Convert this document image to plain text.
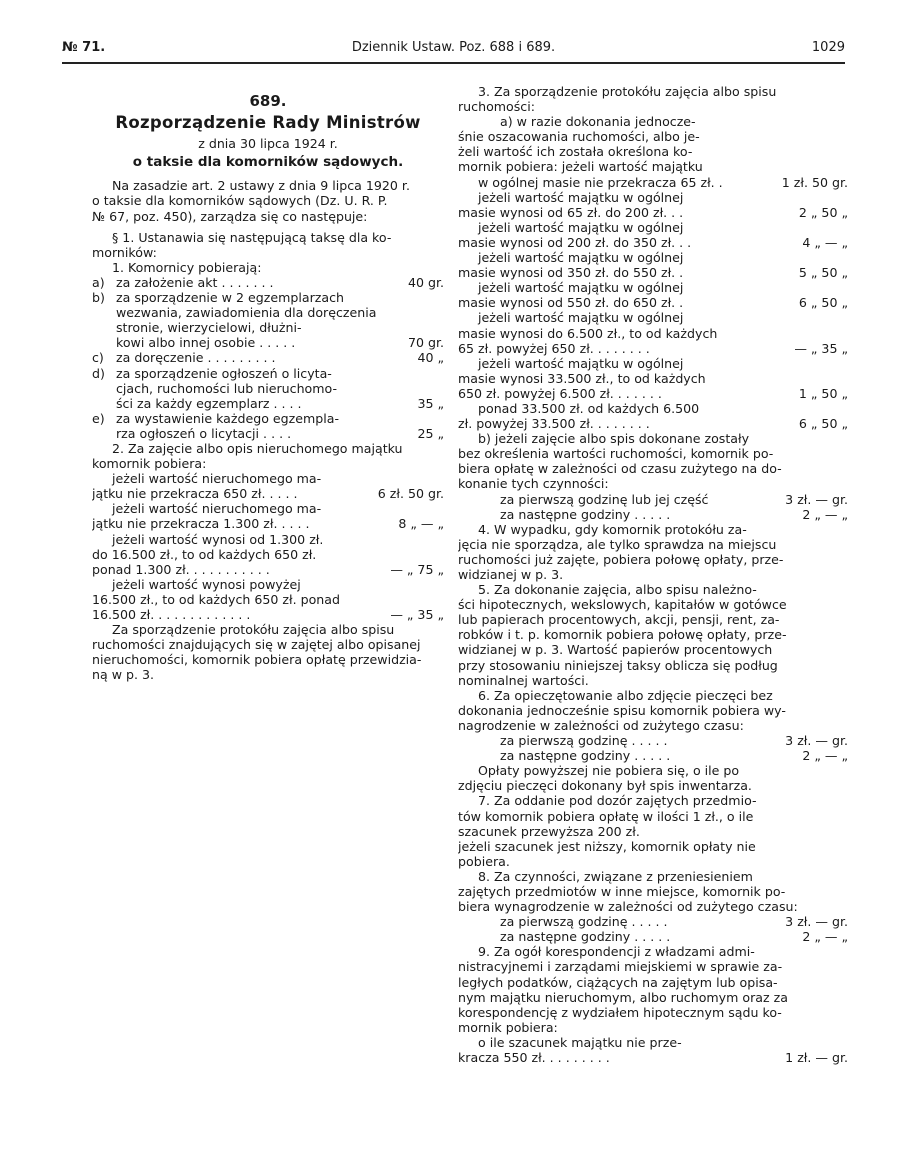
№ 71.	Dziennik Ustaw. Poz. 688 i 689.	1029
689.
Rozporządzenie Rady Ministrów
z dnia 30 lipca 1924 r.
o taksie dla komorników sądowych.
Na zasadzie art. 2 ustawy z dnia 9 lipca 1920 r.
o taksie dla komorników sądowych (Dz. U. R. P.
№ 67, poz. 450), zarządza się co następuje:
§ 1. Ustanawia się następującą taksę dla ko-
morników:
1. Komornicy pobierają:
a) za założenie akt . . . . . . .	40 gr.
b) za sporządzenie w 2 egzemplarzach
wezwania, zawiadomienia dla doręczenia
stronie, wierzycielowi, dłużni-
kowi albo innej osobie . . . . .	70 gr.
c) za doręczenie . . . . . . . . .	40 „
d) za sporządzenie ogłoszeń o licyta-
cjach, ruchomości lub nieruchomo-
ści za każdy egzemplarz . . . .	35 „
e) za wystawienie każdego egzempla-
rza ogłoszeń o licytacji . . . .	25 „
2. Za zajęcie albo opis nieruchomego majątku
komornik pobiera:
jeżeli wartość nieruchomego ma-
jątku nie przekracza 650 zł. . . . .	6 zł. 50 gr.
jeżeli wartość nieruchomego ma-
jątku nie przekracza 1.300 zł. . . . .	8 „ — „
jeżeli wartość wynosi od 1.300 zł.
do 16.500 zł., to od każdych 650 zł.
ponad 1.300 zł. . . . . . . . . . .	— „ 75 „
jeżeli wartość wynosi powyżej
16.500 zł., to od każdych 650 zł. ponad
16.500 zł. . . . . . . . . . . . .	— „ 35 „
Za sporządzenie protokółu zajęcia albo spisu
ruchomości znajdujących się w zajętej albo opisanej
nieruchomości, komornik pobiera opłatę przewidzia-
ną w p. 3.
3. Za sporządzenie protokółu zajęcia albo spisu
ruchomości:
a) w razie dokonania jednocze-
śnie oszacowania ruchomości, albo je-
żeli wartość ich została określona ko-
mornik pobiera: jeżeli wartość majątku
w ogólnej masie nie przekracza 65 zł. .	1 zł. 50 gr.
jeżeli wartość majątku w ogólnej
masie wynosi od 65 zł. do 200 zł. . .	2 „ 50 „
jeżeli wartość majątku w ogólnej
masie wynosi od 200 zł. do 350 zł. . .	4 „ — „
jeżeli wartość majątku w ogólnej
masie wynosi od 350 zł. do 550 zł. .	5 „ 50 „
jeżeli wartość majątku w ogólnej
masie wynosi od 550 zł. do 650 zł. .	6 „ 50 „
jeżeli wartość majątku w ogólnej
masie wynosi do 6.500 zł., to od każdych
65 zł. powyżej 650 zł. . . . . . . .	— „ 35 „
jeżeli wartość majątku w ogólnej
masie wynosi 33.500 zł., to od każdych
650 zł. powyżej 6.500 zł. . . . . . .	1 „ 50 „
ponad 33.500 zł. od każdych 6.500
zł. powyżej 33.500 zł. . . . . . . .	6 „ 50 „
b) jeżeli zajęcie albo spis dokonane zostały
bez określenia wartości ruchomości, komornik po-
biera opłatę w zależności od czasu zużytego na do-
konanie tych czynności:
za pierwszą godzinę lub jej część	3 zł. — gr.
za następne godziny . . . . .	2 „ — „
4. W wypadku, gdy komornik protokółu za-
jęcia nie sporządza, ale tylko sprawdza na miejscu
ruchomości już zajęte, pobiera połowę opłaty, prze-
widzianej w p. 3.
5. Za dokonanie zajęcia, albo spisu należno-
ści hipotecznych, wekslowych, kapitałów w gotówce
lub papierach procentowych, akcji, pensji, rent, za-
robków i t. p. komornik pobiera połowę opłaty, prze-
widzianej w p. 3. Wartość papierów procentowych
przy stosowaniu niniejszej taksy oblicza się podług
nominalnej wartości.
6. Za opieczętowanie albo zdjęcie pieczęci bez
dokonania jednocześnie spisu komornik pobiera wy-
nagrodzenie w zależności od zużytego czasu:
za pierwszą godzinę . . . . .	3 zł. — gr.
za następne godziny . . . . .	2 „ — „
Opłaty powyższej nie pobiera się, o ile po
zdjęciu pieczęci dokonany był spis inwentarza.
7. Za oddanie pod dozór zajętych przedmio-
tów komornik pobiera opłatę w ilości 1 zł., o ile
szacunek przewyższa 200 zł.
jeżeli szacunek jest niższy, komornik opłaty nie
pobiera.
8. Za czynności, związane z przeniesieniem
zajętych przedmiotów w inne miejsce, komornik po-
biera wynagrodzenie w zależności od zużytego czasu:
za pierwszą godzinę . . . . .	3 zł. — gr.
za następne godziny . . . . .	2 „ — „
9. Za ogół korespondencji z władzami admi-
nistracyjnemi i zarządami miejskiemi w sprawie za-
ległych podatków, ciążących na zajętym lub opisa-
nym majątku nieruchomym, albo ruchomym oraz za
korespondencję z wydziałem hipotecznym sądu ko-
mornik pobiera:
o ile szacunek majątku nie prze-
kracza 550 zł. . . . . . . . .	1 zł. — gr.
